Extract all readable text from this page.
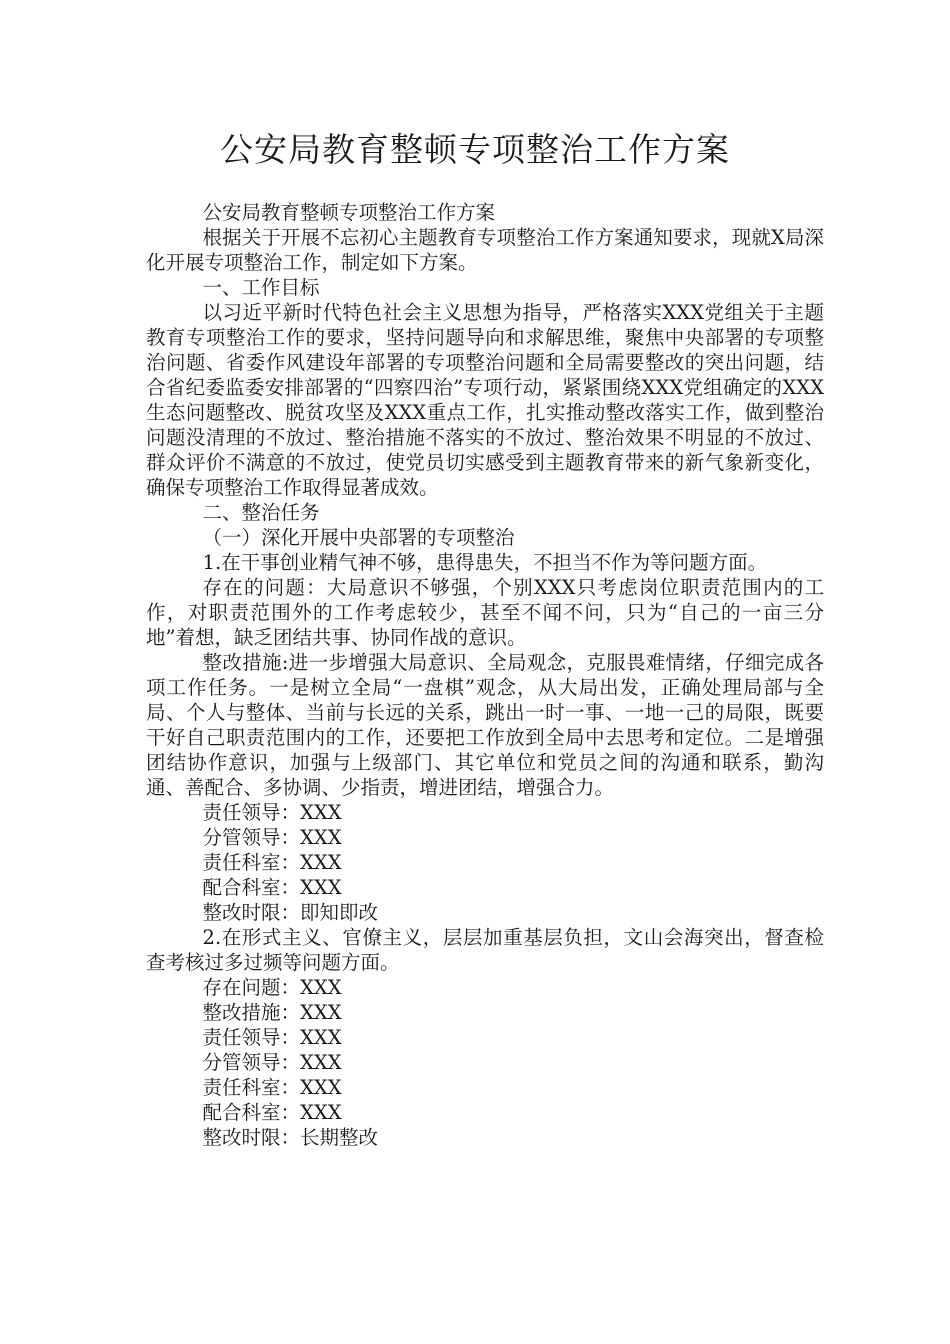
公安局教育整顿专项整治工作方案

公安局教育整顿专项整治工作方案

根据关于开展不忘初心主题教育专项整治工作方案通知要求，现就X局深化开展专项整治工作，制定如下方案。

一、工作目标

以习近平新时代特色社会主义思想为指导，严格落实XXX党组关于主题教育专项整治工作的要求，坚持问题导向和求解思维，聚焦中央部署的专项整治问题、省委作风建设年部署的专项整治问题和全局需要整改的突出问题，结合省纪委监委安排部署的“四察四治”专项行动，紧紧围绕XXX党组确定的XXX生态问题整改、脱贫攻坚及XXX重点工作，扎实推动整改落实工作，做到整治问题没清理的不放过、整治措施不落实的不放过、整治效果不明显的不放过、群众评价不满意的不放过，使党员切实感受到主题教育带来的新气象新变化，确保专项整治工作取得显著成效。

二、整治任务

（一）深化开展中央部署的专项整治

1.在干事创业精气神不够，患得患失，不担当不作为等问题方面。

存在的问题：大局意识不够强，个别XXX只考虑岗位职责范围内的工作，对职责范围外的工作考虑较少，甚至不闻不问，只为“自己的一亩三分地”着想，缺乏团结共事、协同作战的意识。

整改措施:进一步增强大局意识、全局观念，克服畏难情绪，仔细完成各项工作任务。一是树立全局“一盘棋”观念，从大局出发，正确处理局部与全局、个人与整体、当前与长远的关系，跳出一时一事、一地一己的局限，既要干好自己职责范围内的工作，还要把工作放到全局中去思考和定位。二是增强团结协作意识，加强与上级部门、其它单位和党员之间的沟通和联系，勤沟通、善配合、多协调、少指责，增进团结，增强合力。

责任领导：XXX

分管领导：XXX

责任科室：XXX

配合科室：XXX

整改时限：即知即改

2.在形式主义、官僚主义，层层加重基层负担，文山会海突出，督查检查考核过多过频等问题方面。

存在问题：XXX

整改措施：XXX

责任领导：XXX

分管领导：XXX

责任科室：XXX

配合科室：XXX

整改时限：长期整改
